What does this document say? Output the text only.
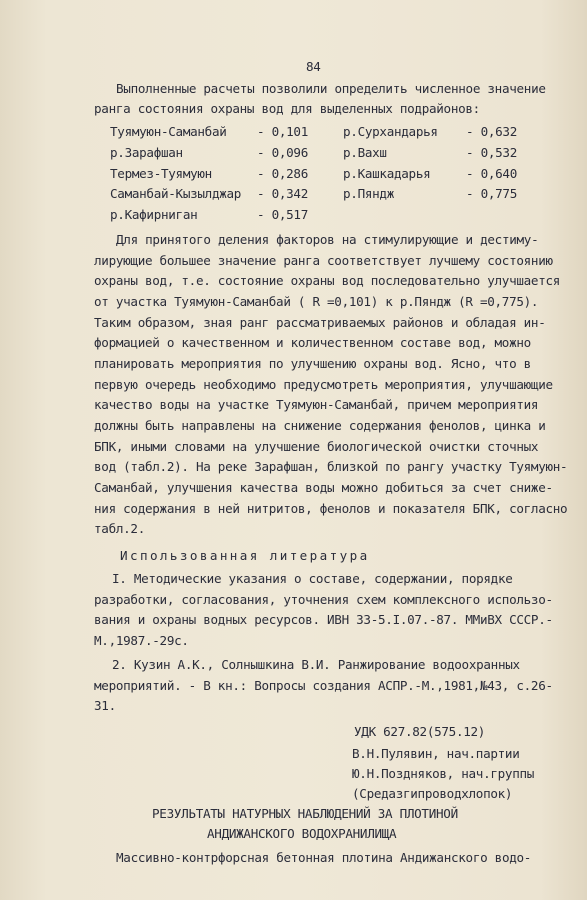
84
Выполненные расчеты позволили определить численное значение
ранга состояния охраны вод для выделенных подрайонов:
Туямуюн-Саманбай - 0,101	р.Сурхандарья - 0,632
р.Зарафшан	- 0,096	р.Вахш	- 0,532
Термез-Туямуюн	- 0,286	р.Кашкадарья	- 0,640
Саманбай-Кызылджар - 0,342	р.Пяндж	- 0,775
р.Кафирниган	- 0,517
Для принятого деления факторов на стимулирующие и дестиму-
лирующие большее значение ранга соответствует лучшему состоянию
охраны вод, т.е. состояние охраны вод последовательно улучшается
от участка Туямуюн-Саманбай ( R =0,101) к р.Пяндж (R =0,775).
Таким образом, зная ранг рассматриваемых районов и обладая ин-
формацией о качественном и количественном составе вод, можно
планировать мероприятия по улучшению охраны вод. Ясно, что в
первую очередь необходимо предусмотреть мероприятия, улучшающие
качество воды на участке Туямуюн-Саманбай, причем мероприятия
должны быть направлены на снижение содержания фенолов, цинка и
БПК, иными словами на улучшение биологической очистки сточных
вод (табл.2). На реке Зарафшан, близкой по рангу участку Туямуюн-
Саманбай, улучшения качества воды можно добиться за счет сниже-
ния содержания в ней нитритов, фенолов и показателя БПК, согласно
табл.2.
Использованная литература
I. Методические указания о составе, содержании, порядке
разработки, согласования, уточнения схем комплексного использо-
вания и охраны водных ресурсов. ИВН 33-5.I.07.-87. ММиВХ СССР.-
М.,1987.-29с.
2. Кузин А.К., Солнышкина В.И. Ранжирование водоохранных
мероприятий. - В кн.: Вопросы создания АСПР.-М.,1981,№43, с.26-
31.
УДК 627.82(575.12)
В.Н.Пулявин, нач.партии
Ю.Н.Поздняков, нач.группы
(Средазгипроводхлопок)
РЕЗУЛЬТАТЫ НАТУРНЫХ НАБЛЮДЕНИЙ ЗА ПЛОТИНОЙ
АНДИЖАНСКОГО ВОДОХРАНИЛИЩА
Массивно-контрфорсная бетонная плотина Андижанского водо-
